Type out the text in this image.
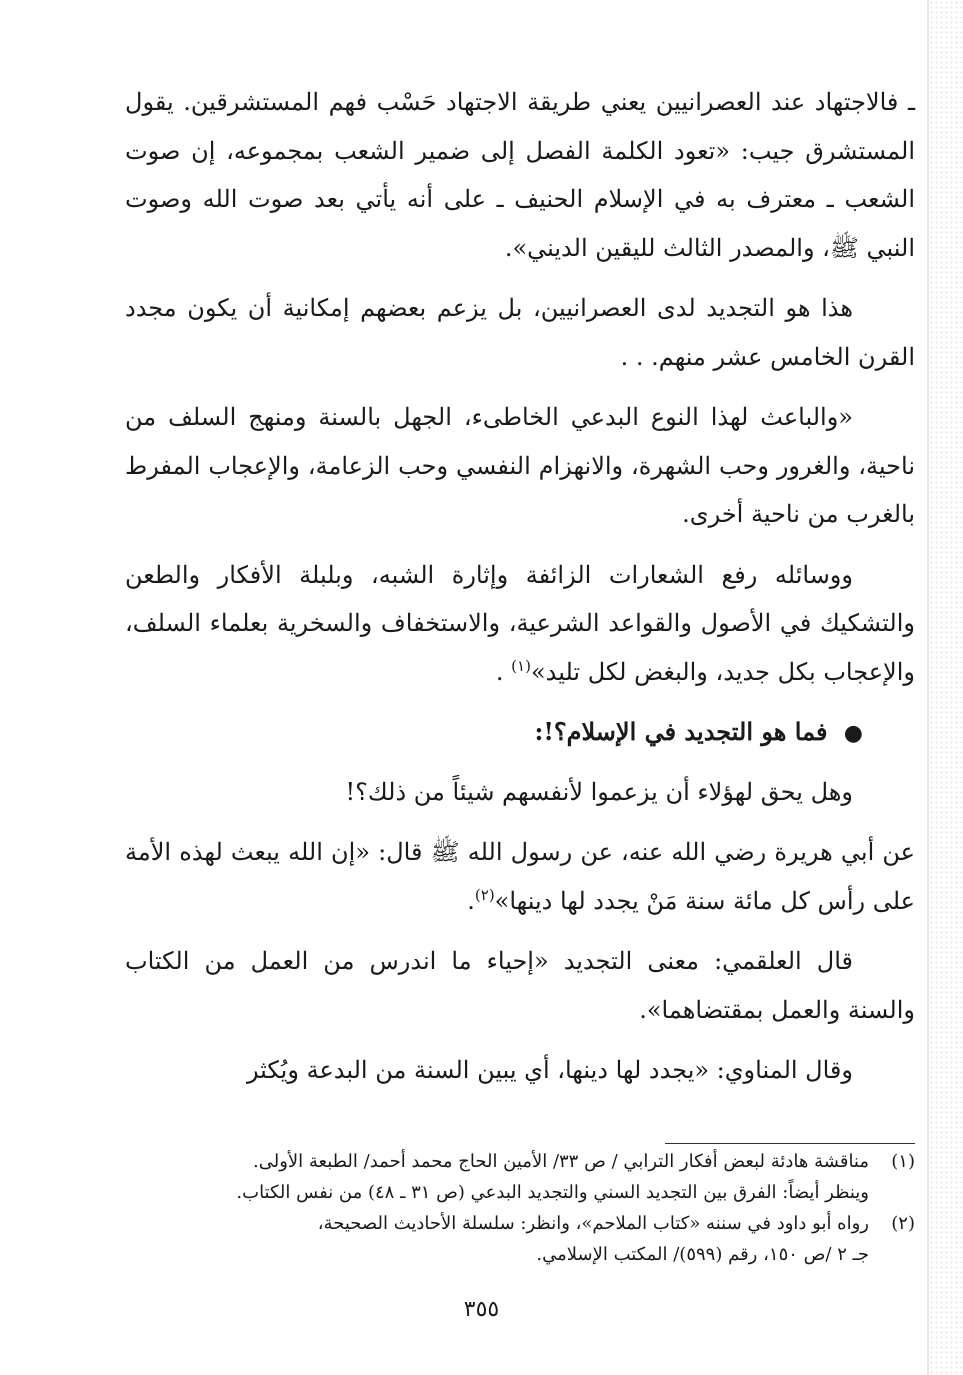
ـ فالاجتهاد عند العصرانيين يعني طريقة الاجتهاد حَسْب فهم المستشرقين. يقول المستشرق جيب: «تعود الكلمة الفصل إلى ضمير الشعب بمجموعه، إن صوت الشعب ـ معترف به في الإسلام الحنيف ـ على أنه يأتي بعد صوت الله وصوت النبي ﷺ، والمصدر الثالث لليقين الديني».

هذا هو التجديد لدى العصرانيين، بل يزعم بعضهم إمكانية أن يكون مجدد القرن الخامس عشر منهم. . .

«والباعث لهذا النوع البدعي الخاطىء، الجهل بالسنة ومنهج السلف من ناحية، والغرور وحب الشهرة، والانهزام النفسي وحب الزعامة، والإعجاب المفرط بالغرب من ناحية أخرى.

ووسائله رفع الشعارات الزائفة وإثارة الشبه، وبلبلة الأفكار والطعن والتشكيك في الأصول والقواعد الشرعية، والاستخفاف والسخرية بعلماء السلف، والإعجاب بكل جديد، والبغض لكل تليد»$^{(١)}$ .

● فما هو التجديد في الإسلام؟!:

وهل يحق لهؤلاء أن يزعموا لأنفسهم شيئاً من ذلك؟!

عن أبي هريرة رضي الله عنه، عن رسول الله ﷺ قال: «إن الله يبعث لهذه الأمة على رأس كل مائة سنة مَنْ يجدد لها دينها»$^{(٢)}$.

قال العلقمي: معنى التجديد «إحياء ما اندرس من العمل من الكتاب والسنة والعمل بمقتضاهما».

وقال المناوي: «يجدد لها دينها، أي يبين السنة من البدعة ويُكثر

(١)مناقشة هادئة لبعض أفكار الترابي / ص ٣٣/ الأمين الحاج محمد أحمد/ الطبعة الأولى.

وينظر أيضاً: الفرق بين التجديد السني والتجديد البدعي (ص ٣١ ـ ٤٨) من نفس الكتاب.

(٢)رواه أبو داود في سننه «كتاب الملاحم»، وانظر: سلسلة الأحاديث الصحيحة،

جـ ٢ /ص ١٥٠، رقم (٥٩٩)/ المكتب الإسلامي.

٣٥٥
